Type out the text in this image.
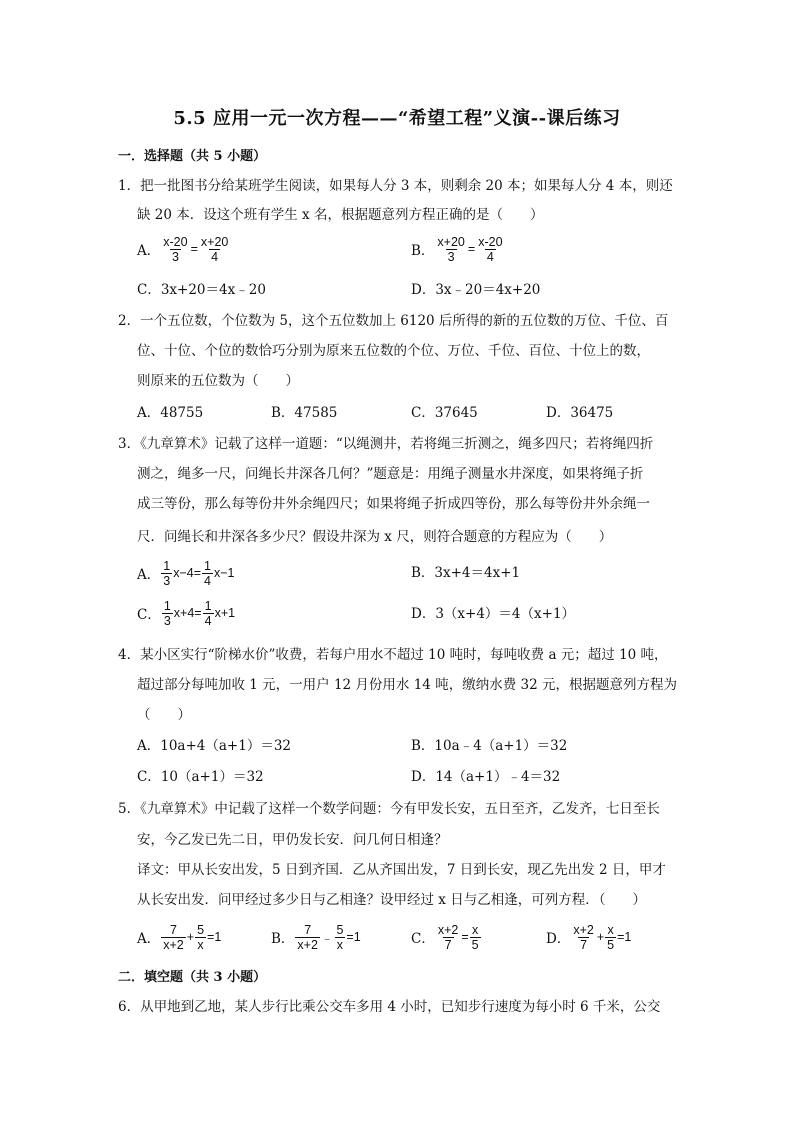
5.5 应用一元一次方程——“希望工程”义演--课后练习
一．选择题（共 5 小题）
1．把一批图书分给某班学生阅读，如果每人分 3 本，则剩余 20 本；如果每人分 4 本，则还
缺 20 本．设这个班有学生 x 名，根据题意列方程正确的是（　　）
A． $\frac{x-20}{3} = \frac{x+20}{4}$	B． $\frac{x+20}{3} = \frac{x-20}{4}$
C．3x+20＝4x﹣20	D．3x﹣20＝4x+20
2．一个五位数，个位数为 5，这个五位数加上 6120 后所得的新的五位数的万位、千位、百
位、十位、个位的数恰巧分别为原来五位数的个位、万位、千位、百位、十位上的数，
则原来的五位数为（　　）
A．48755	B．47585	C．37645	D．36475
3．《九章算术》记载了这样一道题：“以绳测井，若将绳三折测之，绳多四尺；若将绳四折
测之，绳多一尺，问绳长井深各几何？”题意是：用绳子测量水井深度，如果将绳子折
成三等份，那么每等份井外余绳四尺；如果将绳子折成四等份，那么每等份井外余绳一
尺．问绳长和井深各多少尺？假设井深为 x 尺，则符合题意的方程应为（　　）
A． $\frac{1}{3} x-4= \frac{1}{4} x-1$	B．3x+4＝4x+1
C． $\frac{1}{3} x+4= \frac{1}{4} x+1$	D．3（x+4）＝4（x+1）
4．某小区实行“阶梯水价”收费，若每户用水不超过 10 吨时，每吨收费 a 元；超过 10 吨，
超过部分每吨加收 1 元，一用户 12 月份用水 14 吨，缴纳水费 32 元，根据题意列方程为
（　　）
A．10a+4（a+1）＝32	B．10a﹣4（a+1）＝32
C．10（a+1）＝32	D．14（a+1）﹣4＝32
5．《九章算术》中记载了这样一个数学问题：今有甲发长安，五日至齐，乙发齐，七日至长
安，今乙发已先二日，甲仍发长安．问几何日相逢？
译文：甲从长安出发，5 日到齐国．乙从齐国出发，7 日到长安，现乙先出发 2 日，甲才
从长安出发．问甲经过多少日与乙相逢？设甲经过 x 日与乙相逢，可列方程．（　　）
A． $\frac{7}{x+2} + \frac{5}{x} =1$	B． $\frac{7}{x+2}$ ﹣ $\frac{5}{x} =1$	C． $\frac{x+2}{7} = \frac{x}{5}$	D． $\frac{x+2}{7} + \frac{x}{5} =1$
二．填空题（共 3 小题）
6．从甲地到乙地，某人步行比乘公交车多用 4 小时，已知步行速度为每小时 6 千米，公交
